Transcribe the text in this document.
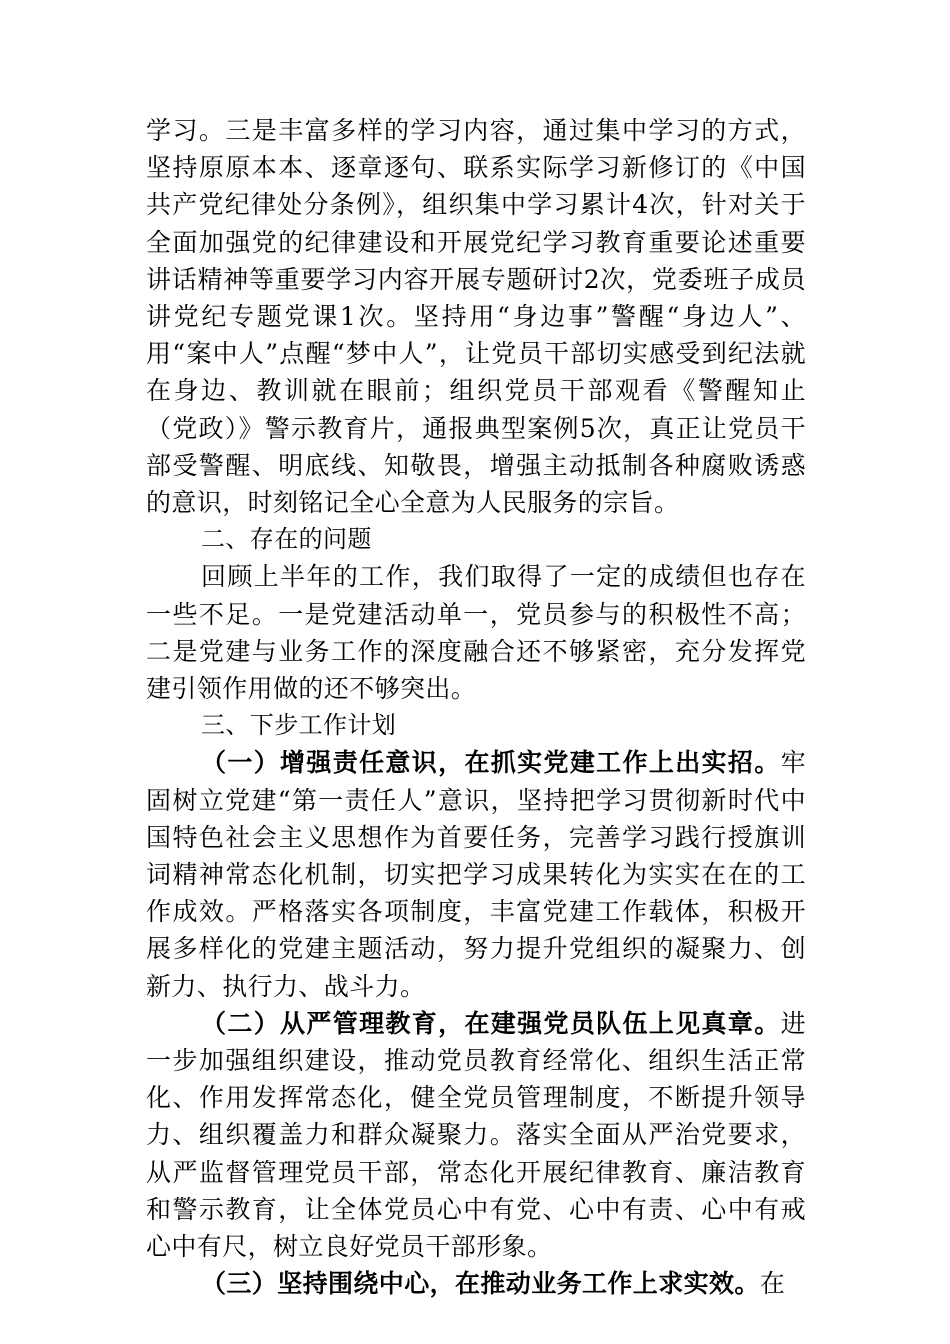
学习。三是丰富多样的学习内容，通过集中学习的方式，坚持原原本本、逐章逐句、联系实际学习新修订的《中国共产党纪律处分条例》，组织集中学习累计4次，针对关于全面加强党的纪律建设和开展党纪学习教育重要论述重要讲话精神等重要学习内容开展专题研讨2次，党委班子成员讲党纪专题党课1次。坚持用“身边事”警醒“身边人”、用“案中人”点醒“梦中人”，让党员干部切实感受到纪法就在身边、教训就在眼前；组织党员干部观看《警醒知止（党政）》警示教育片，通报典型案例5次，真正让党员干部受警醒、明底线、知敬畏，增强主动抵制各种腐败诱惑的意识，时刻铭记全心全意为人民服务的宗旨。

二、存在的问题

回顾上半年的工作，我们取得了一定的成绩但也存在一些不足。一是党建活动单一，党员参与的积极性不高；二是党建与业务工作的深度融合还不够紧密，充分发挥党建引领作用做的还不够突出。

三、下步工作计划

（一）增强责任意识，在抓实党建工作上出实招。牢固树立党建“第一责任人”意识，坚持把学习贯彻新时代中国特色社会主义思想作为首要任务，完善学习践行授旗训词精神常态化机制，切实把学习成果转化为实实在在的工作成效。严格落实各项制度，丰富党建工作载体，积极开展多样化的党建主题活动，努力提升党组织的凝聚力、创新力、执行力、战斗力。

（二）从严管理教育，在建强党员队伍上见真章。进一步加强组织建设，推动党员教育经常化、组织生活正常化、作用发挥常态化，健全党员管理制度，不断提升领导力、组织覆盖力和群众凝聚力。落实全面从严治党要求，从严监督管理党员干部，常态化开展纪律教育、廉洁教育和警示教育，让全体党员心中有党、心中有责、心中有戒心中有尺，树立良好党员干部形象。

（三）坚持围绕中心，在推动业务工作上求实效。在
